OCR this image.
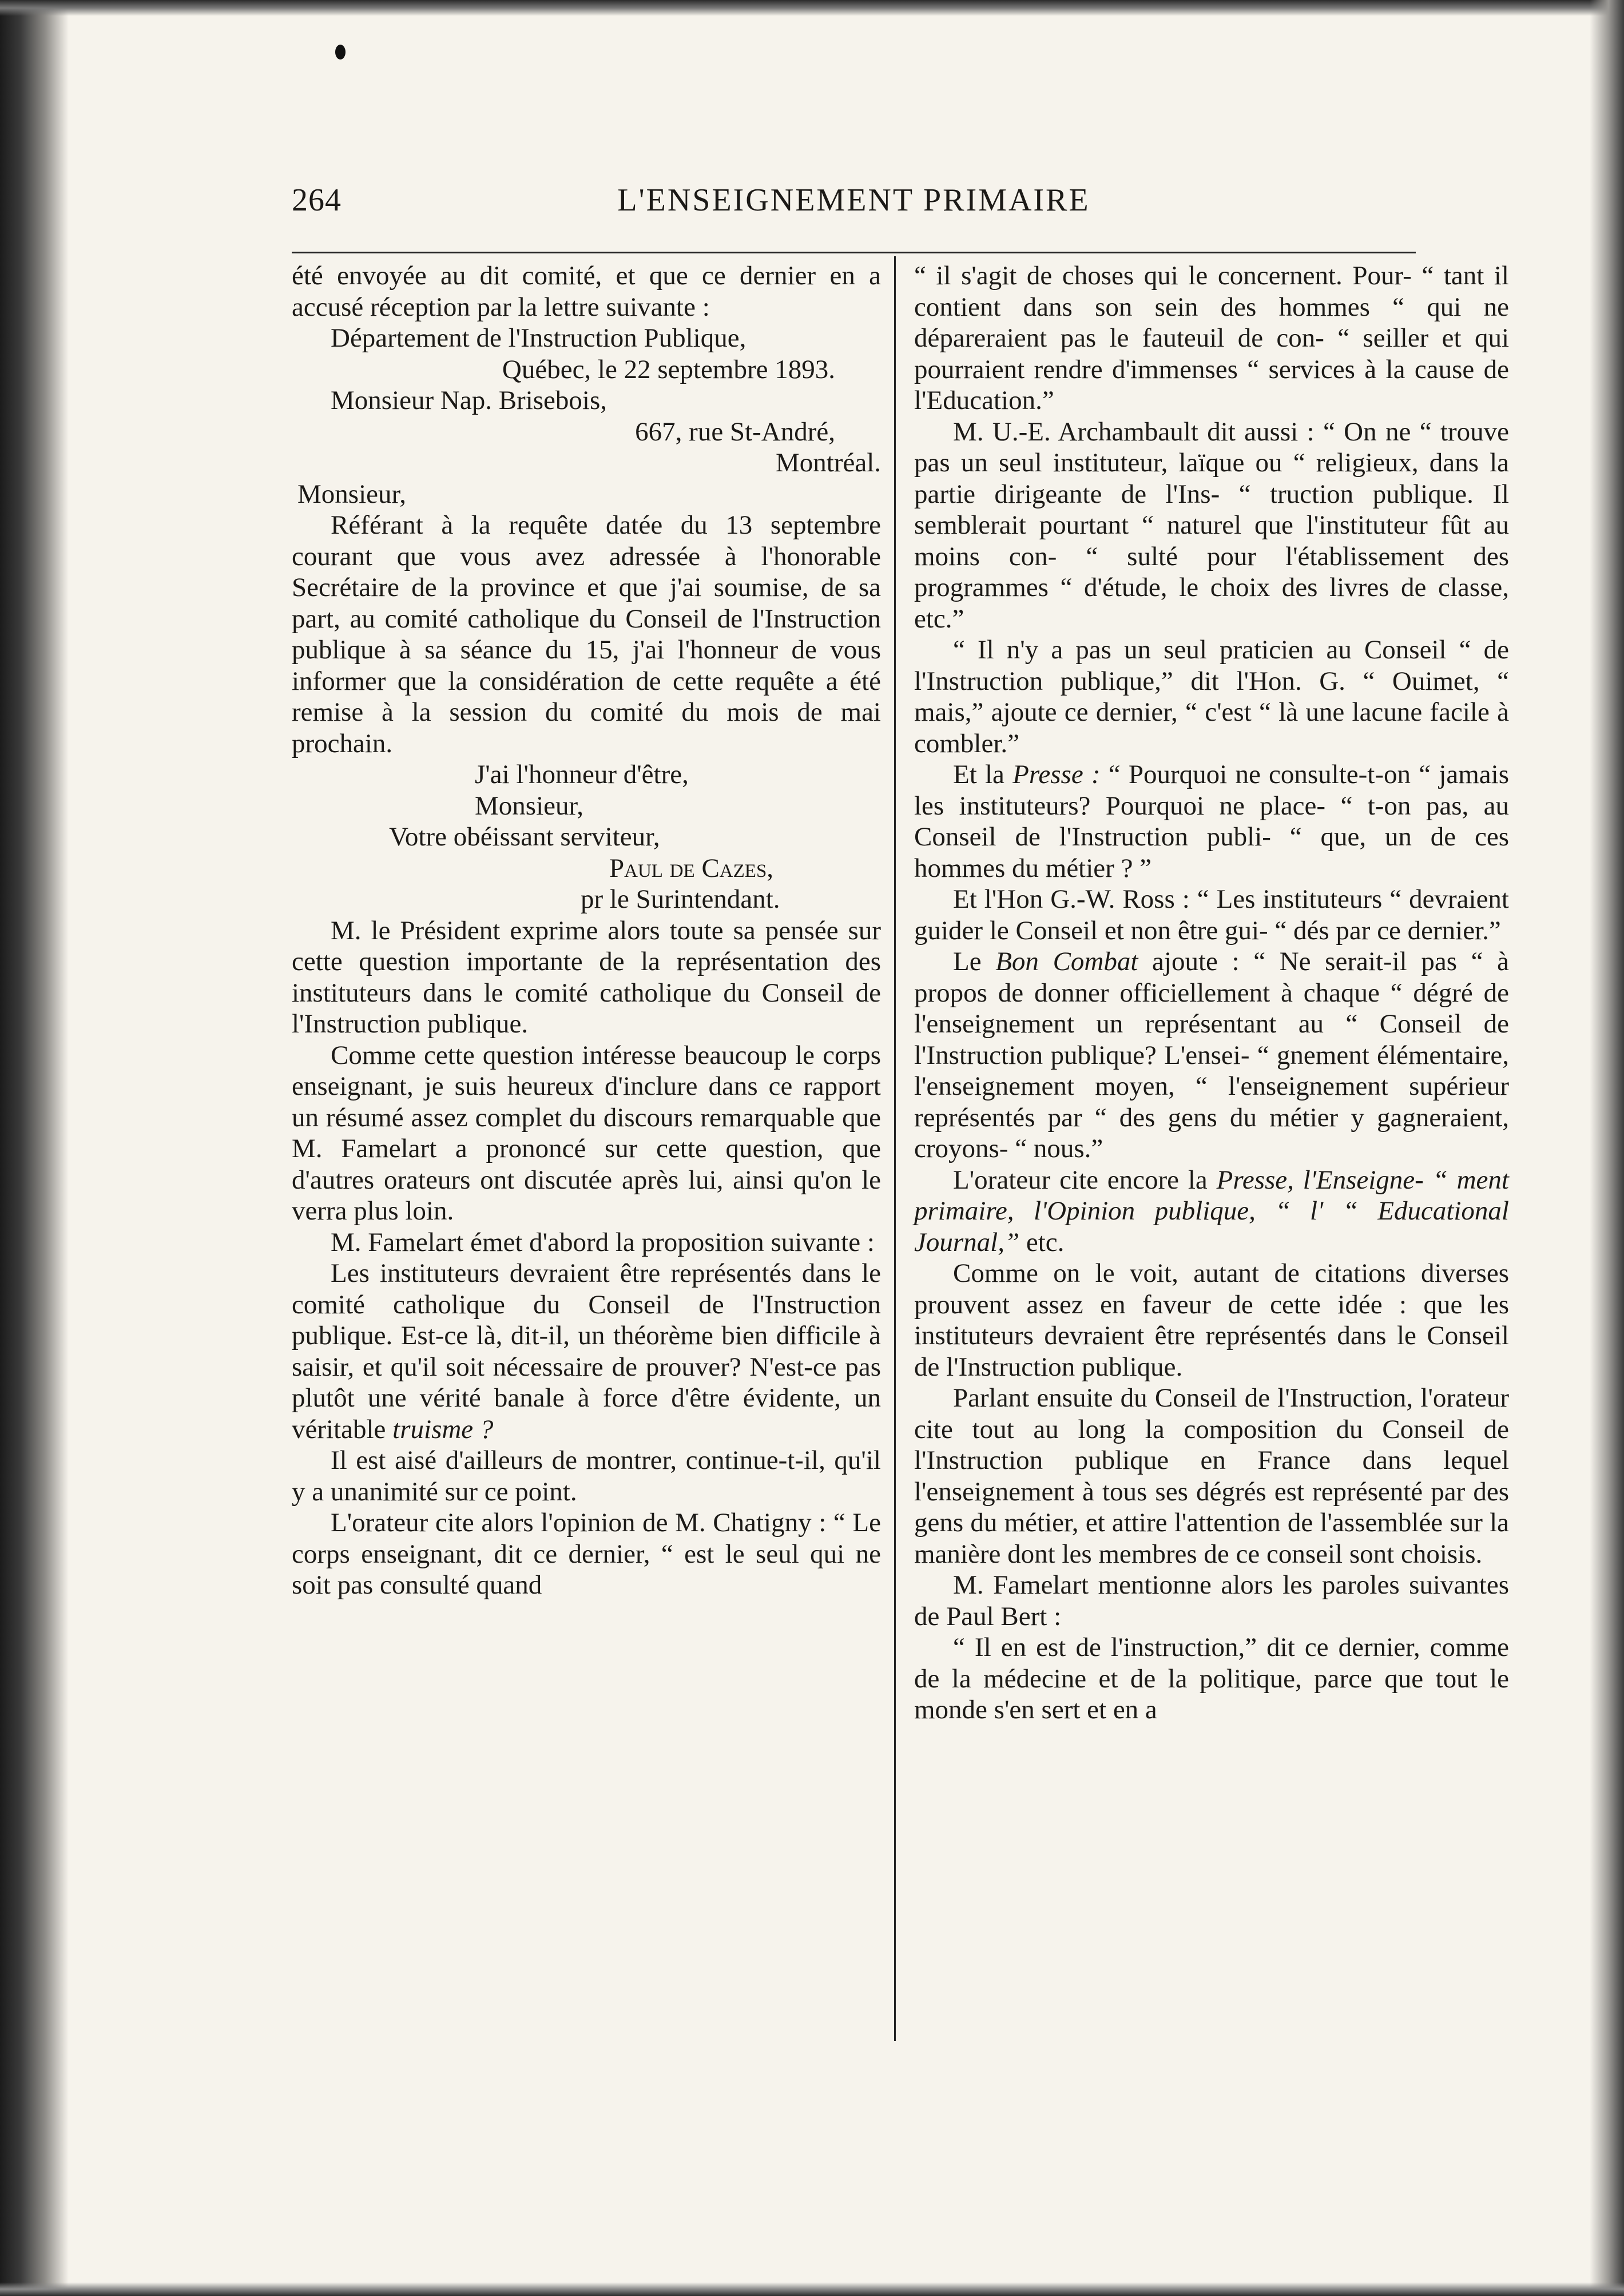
264	L'ENSEIGNEMENT PRIMAIRE

été envoyée au dit comité, et que ce dernier en a accusé réception par la lettre suivante :

Département de l'Instruction Publique,

Québec, le 22 septembre 1893.

Monsieur Nap. Brisebois,

667, rue St-André,

Montréal.

Monsieur,

Référant à la requête datée du 13 septembre courant que vous avez adressée à l'honorable Secrétaire de la province et que j'ai soumise, de sa part, au comité catholique du Conseil de l'Instruction publique à sa séance du 15, j'ai l'honneur de vous informer que la considération de cette requête a été remise à la session du comité du mois de mai prochain.

J'ai l'honneur d'être,

Monsieur,

Votre obéissant serviteur,

Paul de Cazes,

pr le Surintendant.

M. le Président exprime alors toute sa pensée sur cette question importante de la représentation des instituteurs dans le comité catholique du Conseil de l'Instruction publique.

Comme cette question intéresse beaucoup le corps enseignant, je suis heureux d'inclure dans ce rapport un résumé assez complet du discours remarquable que M. Famelart a prononcé sur cette question, que d'autres orateurs ont discutée après lui, ainsi qu'on le verra plus loin.

M. Famelart émet d'abord la proposition suivante :

Les instituteurs devraient être représentés dans le comité catholique du Conseil de l'Instruction publique. Est-ce là, dit-il, un théorème bien difficile à saisir, et qu'il soit nécessaire de prouver? N'est-ce pas plutôt une vérité banale à force d'être évidente, un véritable truisme ?

Il est aisé d'ailleurs de montrer, continue-t-il, qu'il y a unanimité sur ce point.

L'orateur cite alors l'opinion de M. Chatigny : “ Le corps enseignant, dit ce dernier, “ est le seul qui ne soit pas consulté quand

“ il s'agit de choses qui le concernent. Pour- “ tant il contient dans son sein des hommes “ qui ne dépareraient pas le fauteuil de con- “ seiller et qui pourraient rendre d'immenses “ services à la cause de l'Education.”

M. U.-E. Archambault dit aussi : “ On ne “ trouve pas un seul instituteur, laïque ou “ religieux, dans la partie dirigeante de l'Ins- “ truction publique. Il semblerait pourtant “ naturel que l'instituteur fût au moins con- “ sulté pour l'établissement des programmes “ d'étude, le choix des livres de classe, etc.”

“ Il n'y a pas un seul praticien au Conseil “ de l'Instruction publique,” dit l'Hon. G. “ Ouimet, “ mais,” ajoute ce dernier, “ c'est “ là une lacune facile à combler.”

Et la Presse : “ Pourquoi ne consulte-t-on “ jamais les instituteurs? Pourquoi ne place- “ t-on pas, au Conseil de l'Instruction publi- “ que, un de ces hommes du métier ? ”

Et l'Hon G.-W. Ross : “ Les instituteurs “ devraient guider le Conseil et non être gui- “ dés par ce dernier.”

Le Bon Combat ajoute : “ Ne serait-il pas “ à propos de donner officiellement à chaque “ dégré de l'enseignement un représentant au “ Conseil de l'Instruction publique? L'ensei- “ gnement élémentaire, l'enseignement moyen, “ l'enseignement supérieur représentés par “ des gens du métier y gagneraient, croyons- “ nous.”

L'orateur cite encore la Presse, l'Enseigne- “ ment primaire, l'Opinion publique, “ l' “ Educational Journal,” etc.

Comme on le voit, autant de citations diverses prouvent assez en faveur de cette idée : que les instituteurs devraient être représentés dans le Conseil de l'Instruction publique.

Parlant ensuite du Conseil de l'Instruction, l'orateur cite tout au long la composition du Conseil de l'Instruction publique en France dans lequel l'enseignement à tous ses dégrés est représenté par des gens du métier, et attire l'attention de l'assemblée sur la manière dont les membres de ce conseil sont choisis.

M. Famelart mentionne alors les paroles suivantes de Paul Bert :

“ Il en est de l'instruction,” dit ce dernier, comme de la médecine et de la politique, parce que tout le monde s'en sert et en a
